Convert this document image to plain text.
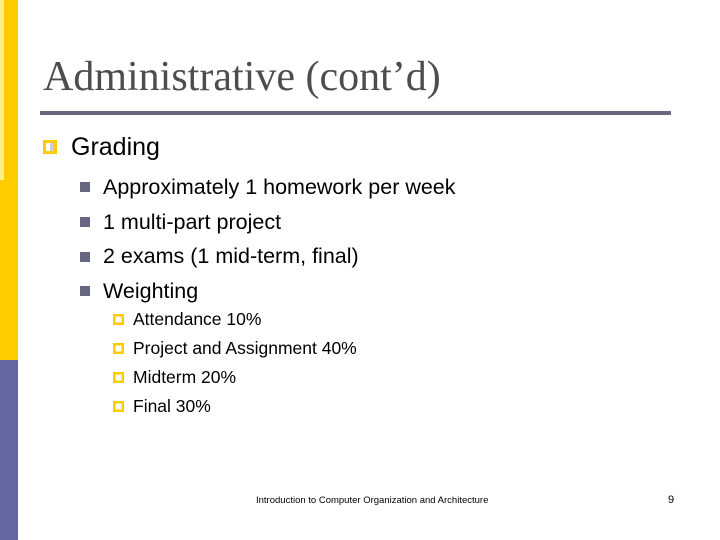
Administrative (cont’d)
Grading
Approximately 1 homework per week
1 multi-part project
2 exams (1 mid-term, final)
Weighting
Attendance 10%
Project and Assignment 40%
Midterm 20%
Final 30%
Introduction to Computer Organization and Architecture	9
